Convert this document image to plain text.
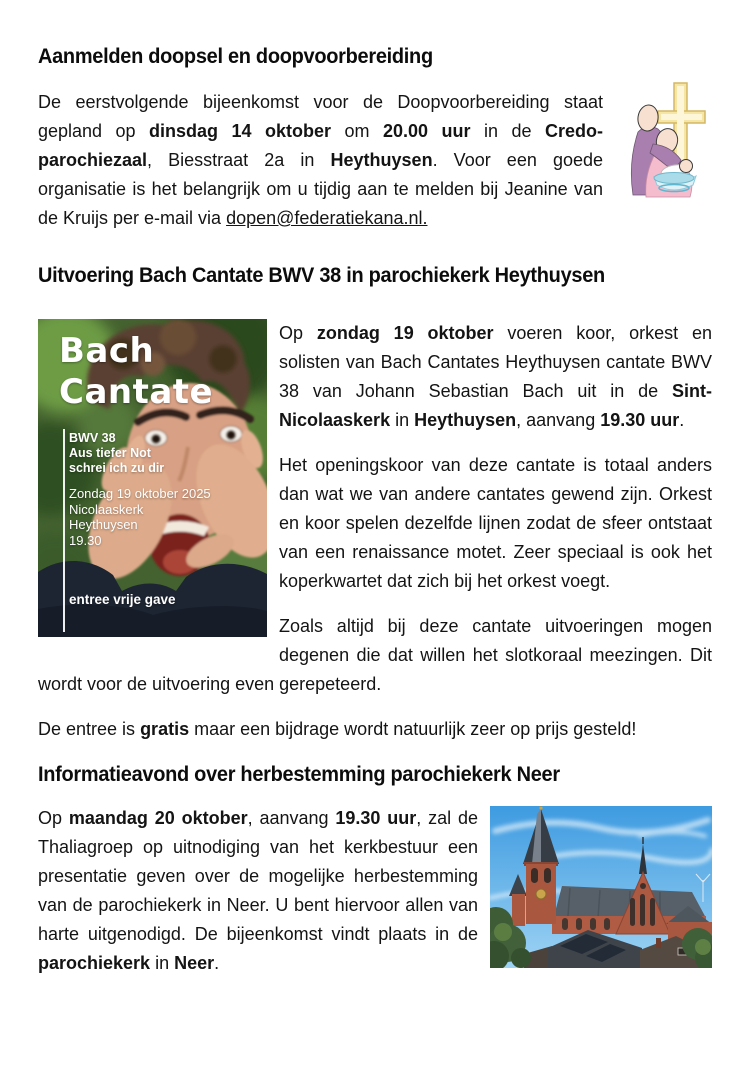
Aanmelden doopsel en doopvoorbereiding

De eerstvolgende bijeenkomst voor de Doopvoorbereiding staat gepland op dinsdag 14 oktober om 20.00 uur in de Credo-parochiezaal, Biesstraat 2a in Heythuysen. Voor een goede organisatie is het belangrijk om u tijdig aan te melden bij Jeanine van de Kruijs per e-mail via dopen@federatiekana.nl.

Uitvoering Bach Cantate BWV 38 in parochiekerk Heythuysen
Bach
Cantate
BWV 38
Aus tiefer Not
schrei ich zu dir
Zondag 19 oktober 2025
Nicolaaskerk
Heythuysen
19.30
entree vrije gave

Op zondag 19 oktober voeren koor, orkest en solisten van Bach Cantates Heythuysen cantate BWV 38 van Johann Sebastian Bach uit in de Sint-Nicolaaskerk in Heythuysen, aanvang 19.30 uur.

Het openingskoor van deze cantate is totaal anders dan wat we van andere cantates gewend zijn. Orkest en koor spelen dezelfde lijnen zodat de sfeer ontstaat van een renaissance motet. Zeer speciaal is ook het koperkwartet dat zich bij het orkest voegt.

Zoals altijd bij deze cantate uitvoeringen mogen degenen die dat willen het slotkoraal meezingen. Dit wordt voor de uitvoering even gerepeteerd.

De entree is gratis maar een bijdrage wordt natuurlijk zeer op prijs gesteld!

Informatieavond over herbestemming parochiekerk Neer

Op maandag 20 oktober, aanvang 19.30 uur, zal de Thaliagroep op uitnodiging van het kerkbestuur een presentatie geven over de mogelijke herbestemming van de parochiekerk in Neer. U bent hiervoor allen van harte uitgenodigd. De bijeenkomst vindt plaats in de parochiekerk in Neer.
